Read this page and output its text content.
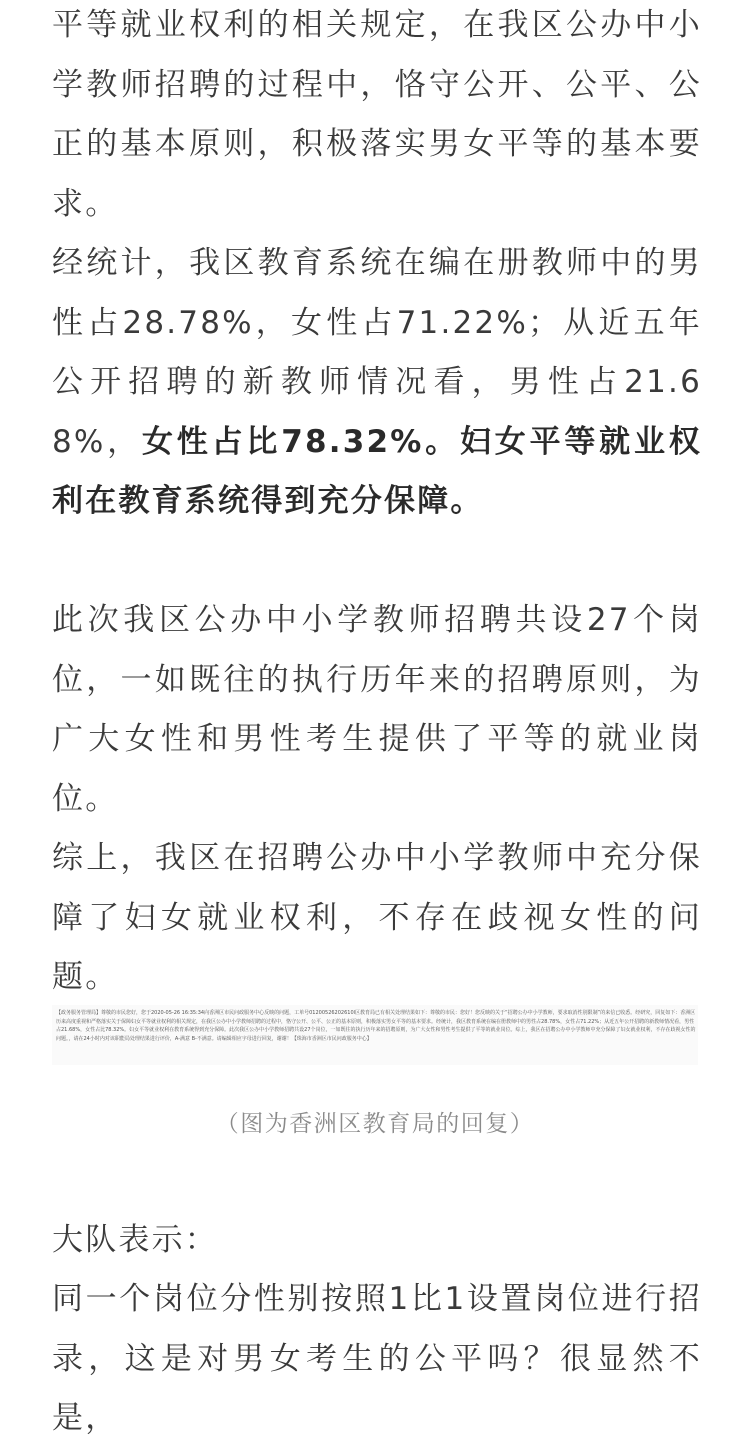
平等就业权利的相关规定，在我区公办中小学教师招聘的过程中，恪守公开、公平、公正的基本原则，积极落实男女平等的基本要求。

经统计，我区教育系统在编在册教师中的男性占28.78%，女性占71.22%；从近五年公开招聘的新教师情况看，男性占21.68%，女性占比78.32%。妇女平等就业权利在教育系统得到充分保障。

此次我区公办中小学教师招聘共设27个岗位，一如既往的执行历年来的招聘原则，为广大女性和男性考生提供了平等的就业岗位。

综上，我区在招聘公办中小学教师中充分保障了妇女就业权利，不存在歧视女性的问题。

【政务服务管理局】尊敬的市民您好，您于2020-05-26 16:35:34向香洲区市民问政服务中心反映的问题，工单号01200526202610l区教育局已有相关处理结果如下：尊敬的市民：您好！您反映的关于“招聘公办中小学教师，要求取消性别限制”的来信已收悉。经研究，回复如下：香洲区历来高度重视和严格落实关于保障妇女平等就业权利的相关规定，在我区公办中小学教师招聘的过程中，恪守公开、公平、公正的基本原则，积极落实男女平等的基本要求。经统计，我区教育系统在编在册教师中的男性占28.78%，女性占71.22%；从近五年公开招聘的新教师情况看，男性占21.68%，女性占比78.32%。妇女平等就业权利在教育系统得到充分保障。此次我区公办中小学教师招聘共设27个岗位，一如既往的执行历年来的招聘原则，为广大女性和男性考生提供了平等的就业岗位。综上，我区在招聘公办中小学教师中充分保障了妇女就业权利，不存在歧视女性的问题。，请在24小时内对该职能局处理结果进行评价，A-满意 B-不满意。请编辑相应字母进行回复，谢谢！【珠海市香洲区市民问政服务中心】

（图为香洲区教育局的回复）

大队表示：

同一个岗位分性别按照1比1设置岗位进行招录，这是对男女考生的公平吗？很显然不是，
